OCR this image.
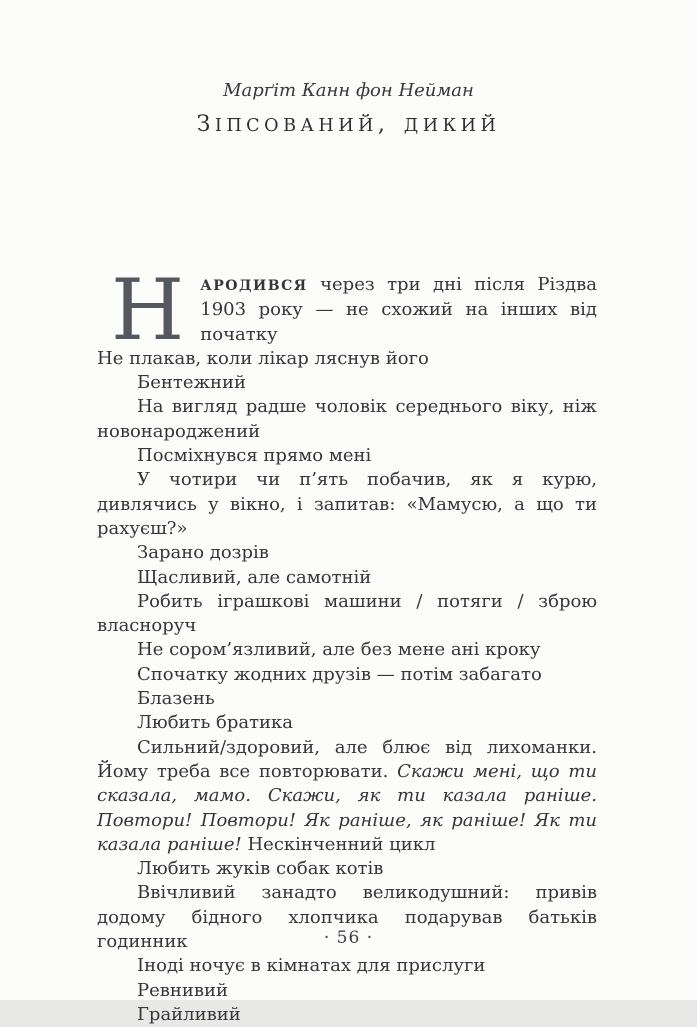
Марґіт Канн фон Нейман
ЗІПСОВАНИЙ, ДИКИЙ

Н АРОДИВСЯ через три дні після Різдва 1903 року — не схожий на інших від початку

Не плакав, коли лікар ляснув його

Бентежний

На вигляд радше чоловік середнього віку, ніж новонароджений

Посміхнувся прямо мені

У чотири чи п’ять побачив, як я курю, дивлячись у вікно, і запитав: «Мамусю, а що ти рахуєш?»

Зарано дозрів

Щасливий, але самотній

Робить іграшкові машини / потяги / зброю власноруч

Не сором’язливий, але без мене ані кроку

Спочатку жодних друзів — потім забагато

Блазень

Любить братика

Сильний/здоровий, але блює від лихоманки. Йому треба все повторювати. Скажи мені, що ти сказала, мамо. Скажи, як ти казала раніше. Повтори! Повтори! Як раніше, як раніше! Як ти казала раніше! Нескінченний цикл

Любить жуків собак котів

Ввічливий занадто великодушний: привів додому бідного хлопчика подарував батьків годинник

Іноді ночує в кімнатах для прислуги

Ревнивий

Грайливий

· 56 ·
